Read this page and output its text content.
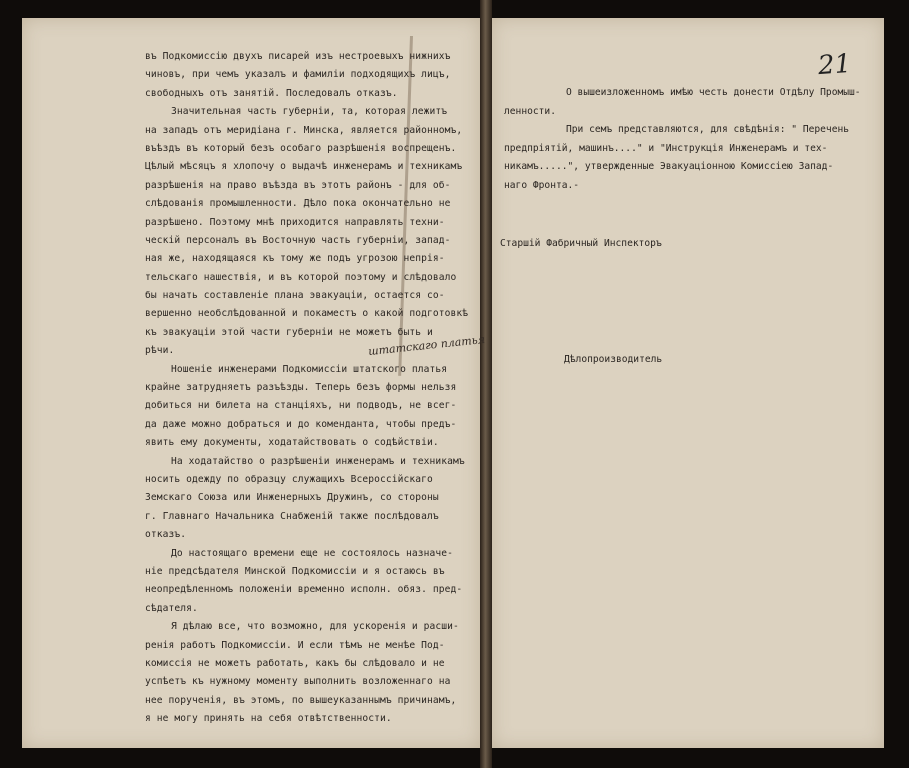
21
О вышеизложенномъ имѣю честь донести Отдѣлу Промыш-
ленности.
При семъ представляются, для свѣдѣнія: " Перечень
предпріятій, машинъ...." и "Инструкція Инженерамъ и тех-
никамъ.....", утвержденные Эвакуаціонною Комиссіею Запад-
наго Фронта.-
Старшій Фабричный Инспекторъ
Дѣлопроизводитель
въ Подкомиссію двухъ писарей изъ нестроевыхъ нижнихъ
чиновъ, при чемъ указалъ и фамиліи подходящихъ лицъ,
свободныхъ отъ занятій. Последовалъ отказъ.
Значительная часть губерніи, та, которая лежитъ
на западъ отъ меридіана г. Минска, является районномъ,
въѣздъ въ который безъ особаго разрѣшенія воспрещенъ.
Цѣлый мѣсяцъ я хлопочу о выдачѣ инженерамъ и техникамъ
разрѣшенія на право въѣзда въ этотъ районъ - для об-
слѣдованія промышленности. Дѣло пока окончательно не
разрѣшено. Поэтому мнѣ приходится направлять техни-
ческій персоналъ въ Восточную часть губерніи, запад-
ная же, находящаяся къ тому же подъ угрозою непрія-
тельскаго нашествія, и въ которой поэтому и слѣдовало
бы начать составленіе плана эвакуаціи, остается со-
вершенно необслѣдованной и покаместъ о какой подготовкѣ
къ эвакуаціи этой части губерніи не можетъ быть и
рѣчи.
Ношеніе инженерами Подкомиссіи штатского платья
крайне затрудняетъ разъѣзды. Теперь безъ формы нельзя
добиться ни билета на станціяхъ, ни подводъ, не всег-
да даже можно добраться и до коменданта, чтобы предъ-
явить ему документы, ходатайствовать о содѣйствіи.
На ходатайство о разрѣшеніи инженерамъ и техникамъ
носить одежду по образцу служащихъ Всероссійскаго
Земскаго Союза или Инженерныхъ Дружинъ, со стороны
г. Главнаго Начальника Снабженій также послѣдовалъ
отказъ.
До настоящаго времени еще не состоялось назначе-
ніе предсѣдателя Минской Подкомиссіи и я остаюсь въ
неопредѣленномъ положеніи временно исполн. обяз. пред-
сѣдателя.
Я дѣлаю все, что возможно, для ускоренія и расши-
ренія работъ Подкомиссіи. И если тѣмъ не менѣе Под-
комиссія не можетъ работать, какъ бы слѣдовало и не
успѣетъ къ нужному моменту выполнить возложеннаго на
нее порученія, въ этомъ, по вышеуказаннымъ причинамъ,
я не могу принять на себя отвѣтственности.
штатскаго платья
